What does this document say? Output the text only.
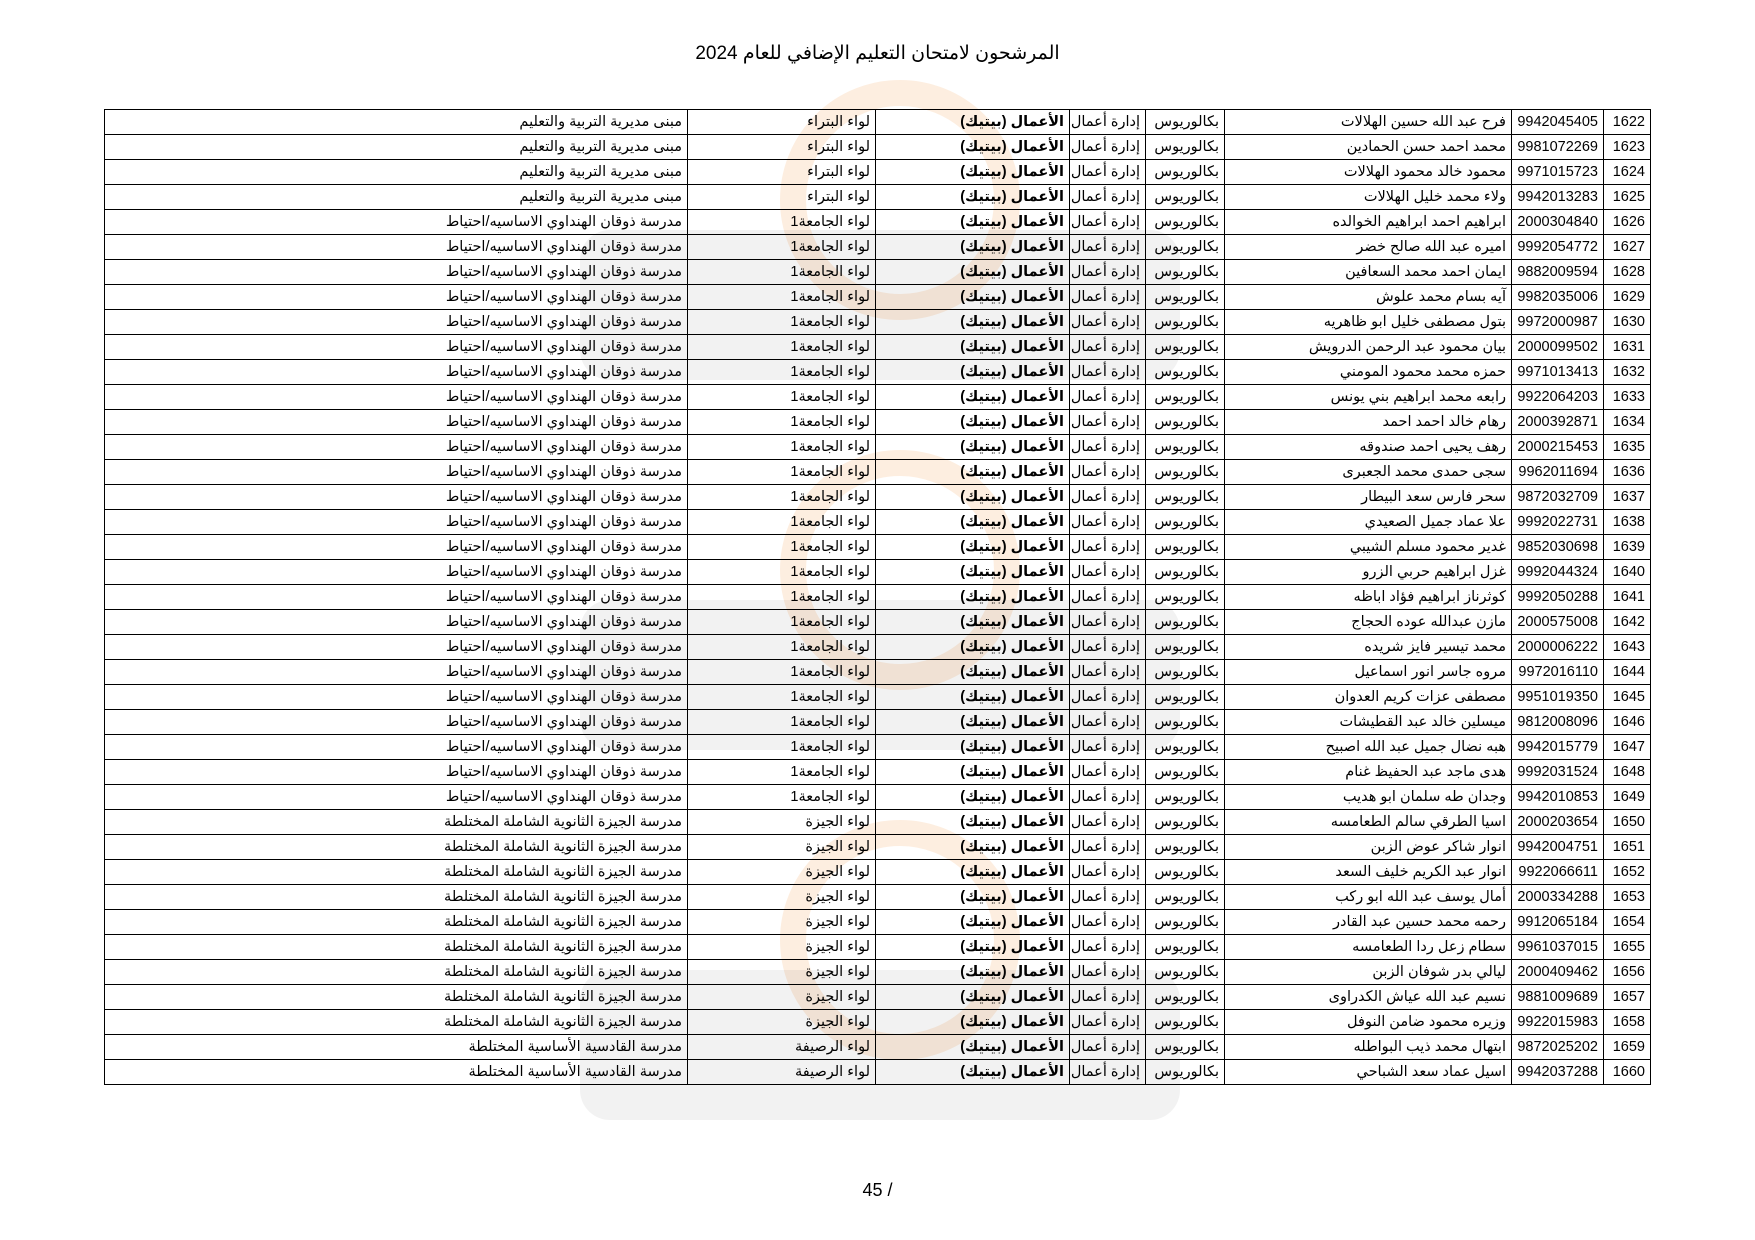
المرشحون لامتحان التعليم الإضافي للعام 2024
1622	9942045405	فرح عبد الله حسين الهلالات	بكالوريوس	إدارة أعمال	الأعمال (بيتيك)	لواء البتراء	مبنى مديرية التربية والتعليم
1623	9981072269	محمد احمد حسن الحمادين	بكالوريوس	إدارة أعمال	الأعمال (بيتيك)	لواء البتراء	مبنى مديرية التربية والتعليم
1624	9971015723	محمود خالد محمود الهلالات	بكالوريوس	إدارة أعمال	الأعمال (بيتيك)	لواء البتراء	مبنى مديرية التربية والتعليم
1625	9942013283	ولاء محمد خليل الهلالات	بكالوريوس	إدارة أعمال	الأعمال (بيتيك)	لواء البتراء	مبنى مديرية التربية والتعليم
1626	2000304840	ابراهيم احمد ابراهيم الخوالده	بكالوريوس	إدارة أعمال	الأعمال (بيتيك)	لواء الجامعة1	مدرسة ذوقان الهنداوي الاساسيه/احتياط
1627	9992054772	اميره عبد الله صالح خضر	بكالوريوس	إدارة أعمال	الأعمال (بيتيك)	لواء الجامعة1	مدرسة ذوقان الهنداوي الاساسيه/احتياط
1628	9882009594	ايمان احمد محمد السعافين	بكالوريوس	إدارة أعمال	الأعمال (بيتيك)	لواء الجامعة1	مدرسة ذوقان الهنداوي الاساسيه/احتياط
1629	9982035006	آيه بسام محمد علوش	بكالوريوس	إدارة أعمال	الأعمال (بيتيك)	لواء الجامعة1	مدرسة ذوقان الهنداوي الاساسيه/احتياط
1630	9972000987	بتول مصطفى خليل ابو ظاهريه	بكالوريوس	إدارة أعمال	الأعمال (بيتيك)	لواء الجامعة1	مدرسة ذوقان الهنداوي الاساسيه/احتياط
1631	2000099502	بيان محمود عبد الرحمن الدرويش	بكالوريوس	إدارة أعمال	الأعمال (بيتيك)	لواء الجامعة1	مدرسة ذوقان الهنداوي الاساسيه/احتياط
1632	9971013413	حمزه محمد محمود المومني	بكالوريوس	إدارة أعمال	الأعمال (بيتيك)	لواء الجامعة1	مدرسة ذوقان الهنداوي الاساسيه/احتياط
1633	9922064203	رابعه محمد ابراهيم بني يونس	بكالوريوس	إدارة أعمال	الأعمال (بيتيك)	لواء الجامعة1	مدرسة ذوقان الهنداوي الاساسيه/احتياط
1634	2000392871	رهام خالد احمد احمد	بكالوريوس	إدارة أعمال	الأعمال (بيتيك)	لواء الجامعة1	مدرسة ذوقان الهنداوي الاساسيه/احتياط
1635	2000215453	رهف يحيى احمد صندوقه	بكالوريوس	إدارة أعمال	الأعمال (بيتيك)	لواء الجامعة1	مدرسة ذوقان الهنداوي الاساسيه/احتياط
1636	9962011694	سجى حمدى محمد الجعبرى	بكالوريوس	إدارة أعمال	الأعمال (بيتيك)	لواء الجامعة1	مدرسة ذوقان الهنداوي الاساسيه/احتياط
1637	9872032709	سحر فارس سعد البيطار	بكالوريوس	إدارة أعمال	الأعمال (بيتيك)	لواء الجامعة1	مدرسة ذوقان الهنداوي الاساسيه/احتياط
1638	9992022731	علا عماد جميل الصعيدي	بكالوريوس	إدارة أعمال	الأعمال (بيتيك)	لواء الجامعة1	مدرسة ذوقان الهنداوي الاساسيه/احتياط
1639	9852030698	غدير محمود مسلم الشيبي	بكالوريوس	إدارة أعمال	الأعمال (بيتيك)	لواء الجامعة1	مدرسة ذوقان الهنداوي الاساسيه/احتياط
1640	9992044324	غزل ابراهيم حربي الزرو	بكالوريوس	إدارة أعمال	الأعمال (بيتيك)	لواء الجامعة1	مدرسة ذوقان الهنداوي الاساسيه/احتياط
1641	9992050288	كوثرناز ابراهيم فؤاد اباظه	بكالوريوس	إدارة أعمال	الأعمال (بيتيك)	لواء الجامعة1	مدرسة ذوقان الهنداوي الاساسيه/احتياط
1642	2000575008	مازن عبدالله عوده الحجاج	بكالوريوس	إدارة أعمال	الأعمال (بيتيك)	لواء الجامعة1	مدرسة ذوقان الهنداوي الاساسيه/احتياط
1643	2000006222	محمد تيسير فايز شريده	بكالوريوس	إدارة أعمال	الأعمال (بيتيك)	لواء الجامعة1	مدرسة ذوقان الهنداوي الاساسيه/احتياط
1644	9972016110	مروه جاسر انور اسماعيل	بكالوريوس	إدارة أعمال	الأعمال (بيتيك)	لواء الجامعة1	مدرسة ذوقان الهنداوي الاساسيه/احتياط
1645	9951019350	مصطفى عزات كريم العدوان	بكالوريوس	إدارة أعمال	الأعمال (بيتيك)	لواء الجامعة1	مدرسة ذوقان الهنداوي الاساسيه/احتياط
1646	9812008096	ميسلين خالد عبد القطيشات	بكالوريوس	إدارة أعمال	الأعمال (بيتيك)	لواء الجامعة1	مدرسة ذوقان الهنداوي الاساسيه/احتياط
1647	9942015779	هبه نضال جميل عبد الله اصبيح	بكالوريوس	إدارة أعمال	الأعمال (بيتيك)	لواء الجامعة1	مدرسة ذوقان الهنداوي الاساسيه/احتياط
1648	9992031524	هدى ماجد عبد الحفيظ غنام	بكالوريوس	إدارة أعمال	الأعمال (بيتيك)	لواء الجامعة1	مدرسة ذوقان الهنداوي الاساسيه/احتياط
1649	9942010853	وجدان طه سلمان ابو هديب	بكالوريوس	إدارة أعمال	الأعمال (بيتيك)	لواء الجامعة1	مدرسة ذوقان الهنداوي الاساسيه/احتياط
1650	2000203654	اسيا الطرقي سالم الطعامسه	بكالوريوس	إدارة أعمال	الأعمال (بيتيك)	لواء الجيزة	مدرسة الجيزة الثانوية الشاملة المختلطة
1651	9942004751	انوار شاكر عوض الزبن	بكالوريوس	إدارة أعمال	الأعمال (بيتيك)	لواء الجيزة	مدرسة الجيزة الثانوية الشاملة المختلطة
1652	9922066611	انوار عبد الكريم خليف السعد	بكالوريوس	إدارة أعمال	الأعمال (بيتيك)	لواء الجيزة	مدرسة الجيزة الثانوية الشاملة المختلطة
1653	2000334288	أمال يوسف عبد الله ابو ركب	بكالوريوس	إدارة أعمال	الأعمال (بيتيك)	لواء الجيزة	مدرسة الجيزة الثانوية الشاملة المختلطة
1654	9912065184	رحمه محمد حسين عبد القادر	بكالوريوس	إدارة أعمال	الأعمال (بيتيك)	لواء الجيزة	مدرسة الجيزة الثانوية الشاملة المختلطة
1655	9961037015	سطام زعل ردا الطعامسه	بكالوريوس	إدارة أعمال	الأعمال (بيتيك)	لواء الجيزة	مدرسة الجيزة الثانوية الشاملة المختلطة
1656	2000409462	ليالي بدر شوفان الزبن	بكالوريوس	إدارة أعمال	الأعمال (بيتيك)	لواء الجيزة	مدرسة الجيزة الثانوية الشاملة المختلطة
1657	9881009689	نسيم عبد الله عياش الكدراوى	بكالوريوس	إدارة أعمال	الأعمال (بيتيك)	لواء الجيزة	مدرسة الجيزة الثانوية الشاملة المختلطة
1658	9922015983	وزيره محمود ضامن النوفل	بكالوريوس	إدارة أعمال	الأعمال (بيتيك)	لواء الجيزة	مدرسة الجيزة الثانوية الشاملة المختلطة
1659	9872025202	ابتهال محمد ذيب البواطله	بكالوريوس	إدارة أعمال	الأعمال (بيتيك)	لواء الرصيفة	مدرسة القادسية الأساسية المختلطة
1660	9942037288	اسيل عماد سعد الشباحي	بكالوريوس	إدارة أعمال	الأعمال (بيتيك)	لواء الرصيفة	مدرسة القادسية الأساسية المختلطة
45 /
